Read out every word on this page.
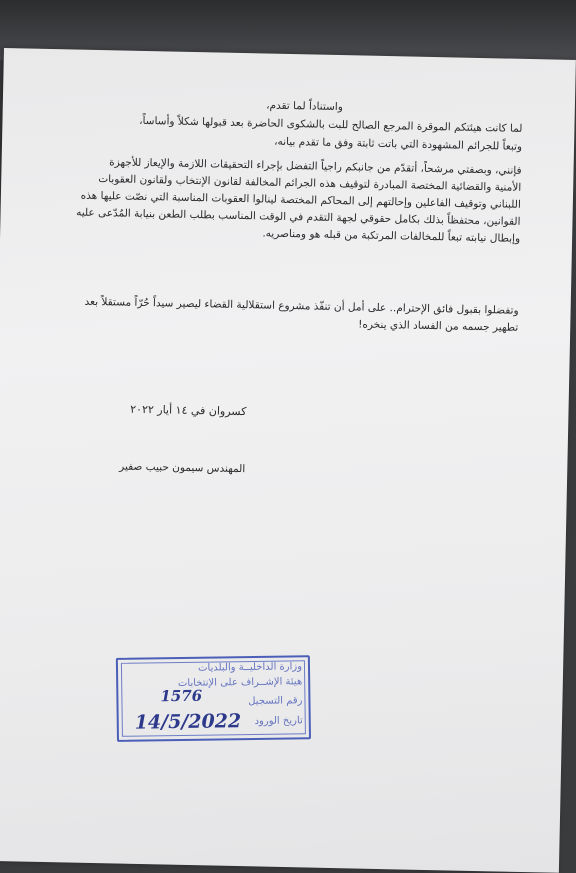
واستناداً لما تقدم،
لما كانت هيئتكم الموقرة المرجع الصالح للبت بالشكوى الحاضرة بعد قبولها شكلاً وأساساً،
وتبعاً للجرائم المشهودة التي باتت ثابتة وفق ما تقدم بيانه،
فإنني، وبصفتي مرشحاً، أتقدّم من جانبكم راجياً التفضل بإجراء التحقيقات اللازمة والإيعاز للأجهزة
الأمنية والقضائية المختصة المبادرة لتوقيف هذه الجرائم المخالفة لقانون الإنتخاب ولقانون العقوبات
اللبناني وتوقيف الفاعلين وإحالتهم إلى المحاكم المختصة لينالوا العقوبات المناسبة التي نصّت عليها هذه
القوانين، محتفظاً بذلك بكامل حقوقي لجهة التقدم في الوقت المناسب بطلب الطعن بنيابة المُدّعى عليه
وإبطال نيابته تبعاً للمخالفات المرتكبة من قبله هو ومناصريه.
وتفضلوا بقبول فائق الإحترام.. على أمل أن تنفّذ مشروع استقلالية القضاء ليصير سيداً حُرّاً مستقلاً بعد
تطهير جسمه من الفساد الذي ينخره!
كسروان في ١٤ أيار ٢٠٢٢
المهندس سيمون حبيب صفير
وزارة الداخليــة والبلديات
هيئة الإشــراف على الإنتخابات
رقم التسجيل
تاريخ الورود
1576
14/5/2022
